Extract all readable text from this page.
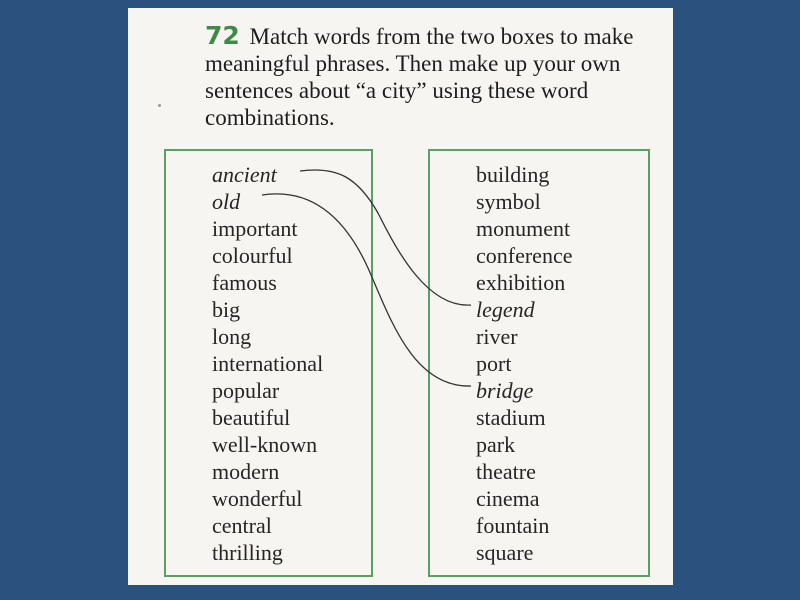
72 Match words from the two boxes to make meaningful phrases. Then make up your own sentences about “a city” using these word combinations.
ancient
old
important
colourful
famous
big
long
international
popular
beautiful
well-known
modern
wonderful
central
thrilling
building
symbol
monument
conference
exhibition
legend
river
port
bridge
stadium
park
theatre
cinema
fountain
square
